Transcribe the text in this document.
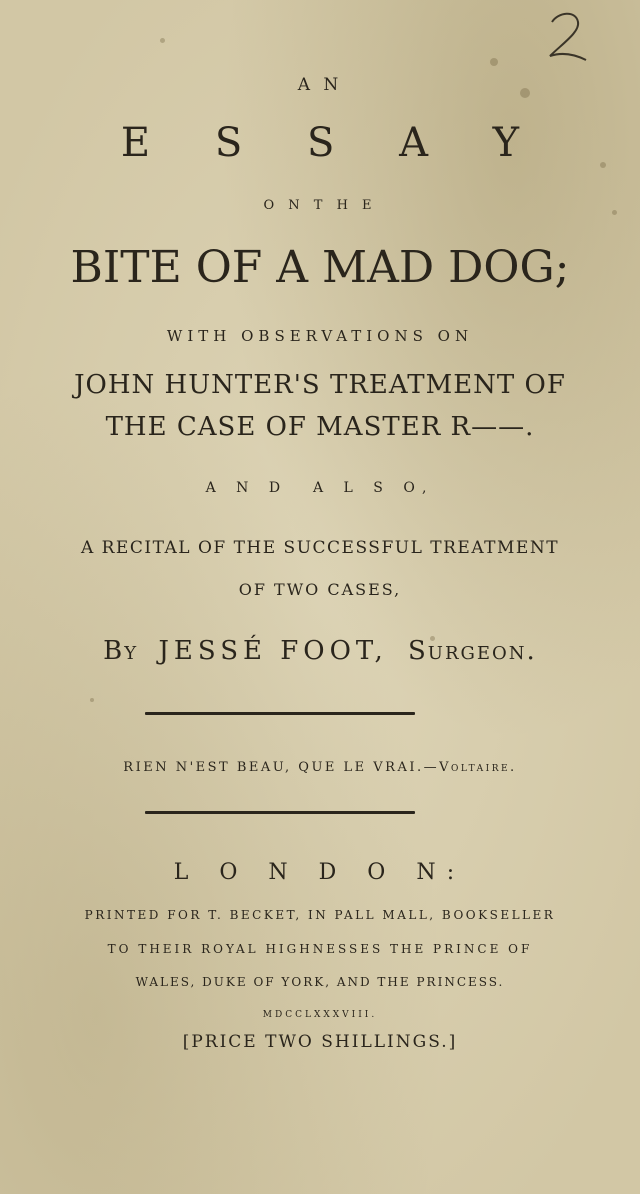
A N
E S S A Y
O N T H E
BITE OF A MAD DOG;
WITH OBSERVATIONS ON
JOHN HUNTER'S TREATMENT OF
THE CASE OF MASTER R——.
A N D  A L S O,
A RECITAL OF THE SUCCESSFUL TREATMENT
OF TWO CASES,
By JESSÉ FOOT, Surgeon.
RIEN N'EST BEAU, QUE LE VRAI.—Voltaire.
L O N D O N:
PRINTED FOR T. BECKET, IN PALL MALL, BOOKSELLER
TO THEIR ROYAL HIGHNESSES THE PRINCE OF
WALES, DUKE OF YORK, AND THE PRINCESS.
MDCCLXXXVIII.
[PRICE TWO SHILLINGS.]
